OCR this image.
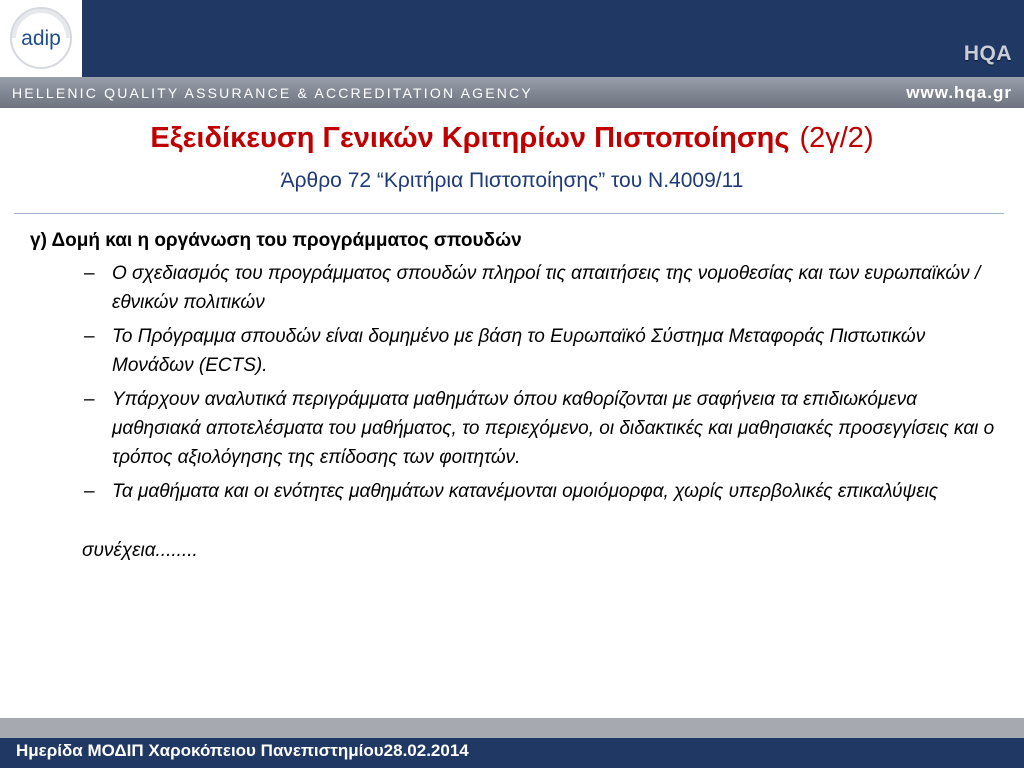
adip
HQA
HELLENIC QUALITY ASSURANCE & ACCREDITATION AGENCY	www.hqa.gr
Εξειδίκευση Γενικών Κριτηρίων Πιστοποίησης (2γ/2)
Άρθρο 72 “Κριτήρια Πιστοποίησης” του Ν.4009/11
γ) Δομή και η οργάνωση του προγράμματος σπουδών
– Ο σχεδιασμός του προγράμματος σπουδών πληροί τις απαιτήσεις της νομοθεσίας και των ευρωπαϊκών / εθνικών πολιτικών
– Το Πρόγραμμα σπουδών είναι δομημένο με βάση το Ευρωπαϊκό Σύστημα Μεταφοράς Πιστωτικών Μονάδων (ECTS).
– Υπάρχουν αναλυτικά περιγράμματα μαθημάτων όπου καθορίζονται με σαφήνεια τα επιδιωκόμενα μαθησιακά αποτελέσματα του μαθήματος, το περιεχόμενο, οι διδακτικές και μαθησιακές προσεγγίσεις και ο τρόπος αξιολόγησης της επίδοσης των φοιτητών.
– Τα μαθήματα και οι ενότητες μαθημάτων κατανέμονται ομοιόμορφα, χωρίς υπερβολικές επικαλύψεις
συνέχεια........
Ημερίδα ΜΟΔΙΠ Χαροκόπειου Πανεπιστημίου28.02.2014
